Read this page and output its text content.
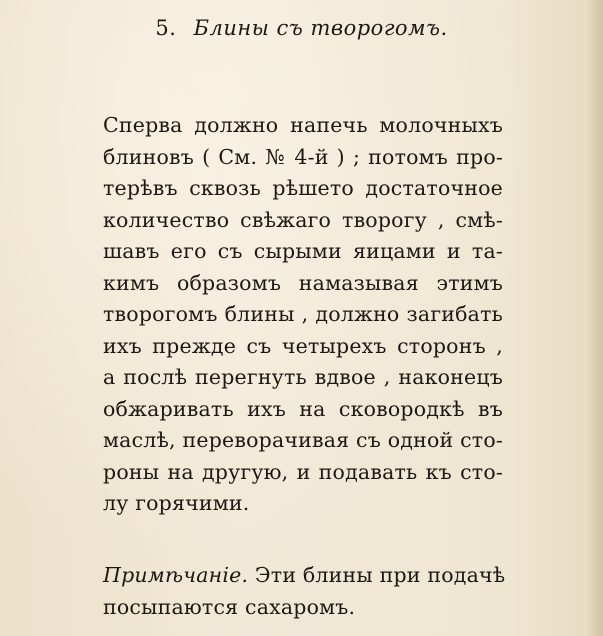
5. Блины съ творогомъ.
Сперва должно напечь молочныхъ
блиновъ ( См. № 4-й ) ; потомъ про-
терѣвъ сквозь рѣшето достаточное
количество свѣжаго творогу , смѣ-
шавъ его съ сырыми яицами и та-
кимъ образомъ намазывая этимъ
творогомъ блины , должно загибать
ихъ прежде съ четырехъ сторонъ ,
а послѣ перегнуть вдвое , наконецъ
обжаривать ихъ на сковородкѣ въ
маслѣ, переворачивая съ одной сто-
роны на другую, и подавать къ сто-
лу горячими.
Примѣчаніе. Эти блины при подачѣ
посыпаются сахаромъ.
